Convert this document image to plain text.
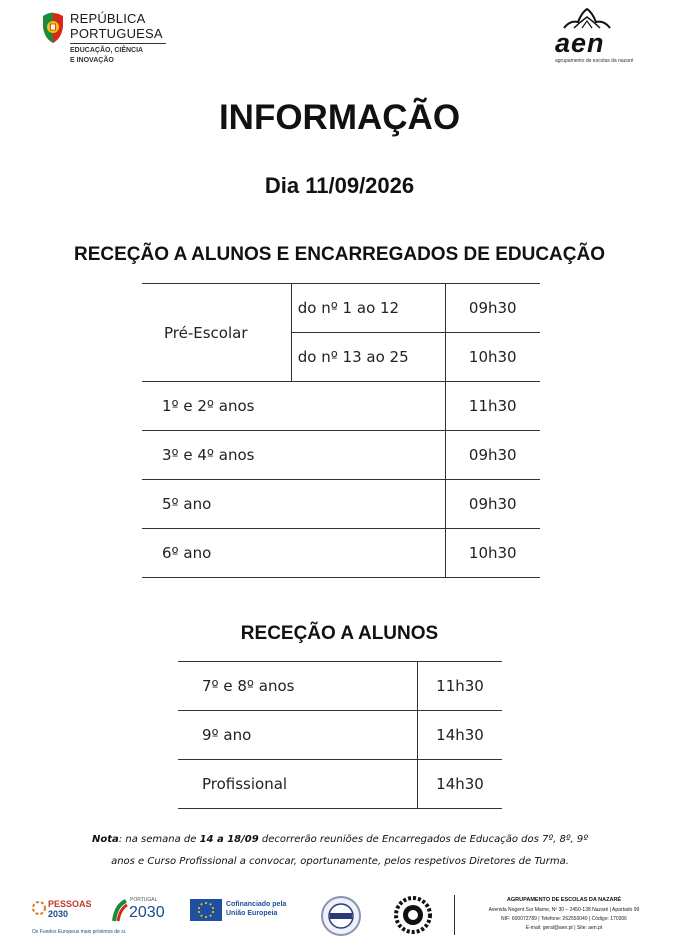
REPÚBLICA
PORTUGUESA
EDUCAÇÃO, CIÊNCIA
E INOVAÇÃO
aen
agrupamento de escolas da nazaré
INFORMAÇÃO
Dia 11/09/2026
RECEÇÃO A ALUNOS E ENCARREGADOS DE EDUCAÇÃO
Pré-Escolar	do nº 1 ao 12	09h30
	do nº 13 ao 25	10h30
1º e 2º anos		11h30
3º e 4º anos		09h30
5º ano		09h30
6º ano		10h30
RECEÇÃO A ALUNOS
7º e 8º anos	11h30
9º ano	14h30
Profissional	14h30
Nota: na semana de 14 a 18/09 decorrerão reuniões de Encarregados de Educação dos 7º, 8º, 9º
anos e Curso Profissional a convocar, oportunamente, pelos respetivos Diretores de Turma.
PESSOAS
2030
Os Fundos Europeus mais próximos de si.
PORTUGAL
2030	Cofinanciado pela
União Europeia
AGRUPAMENTO DE ESCOLAS DA NAZARÉ
Avenida Nogent Sur Marne, Nº 30 – 2450-138 Nazaré | Apartado 99
NIF: 600072789 | Telefone: 262550040 | Código: 170306
E-mail: geral@aen.pt | Site: aen.pt
